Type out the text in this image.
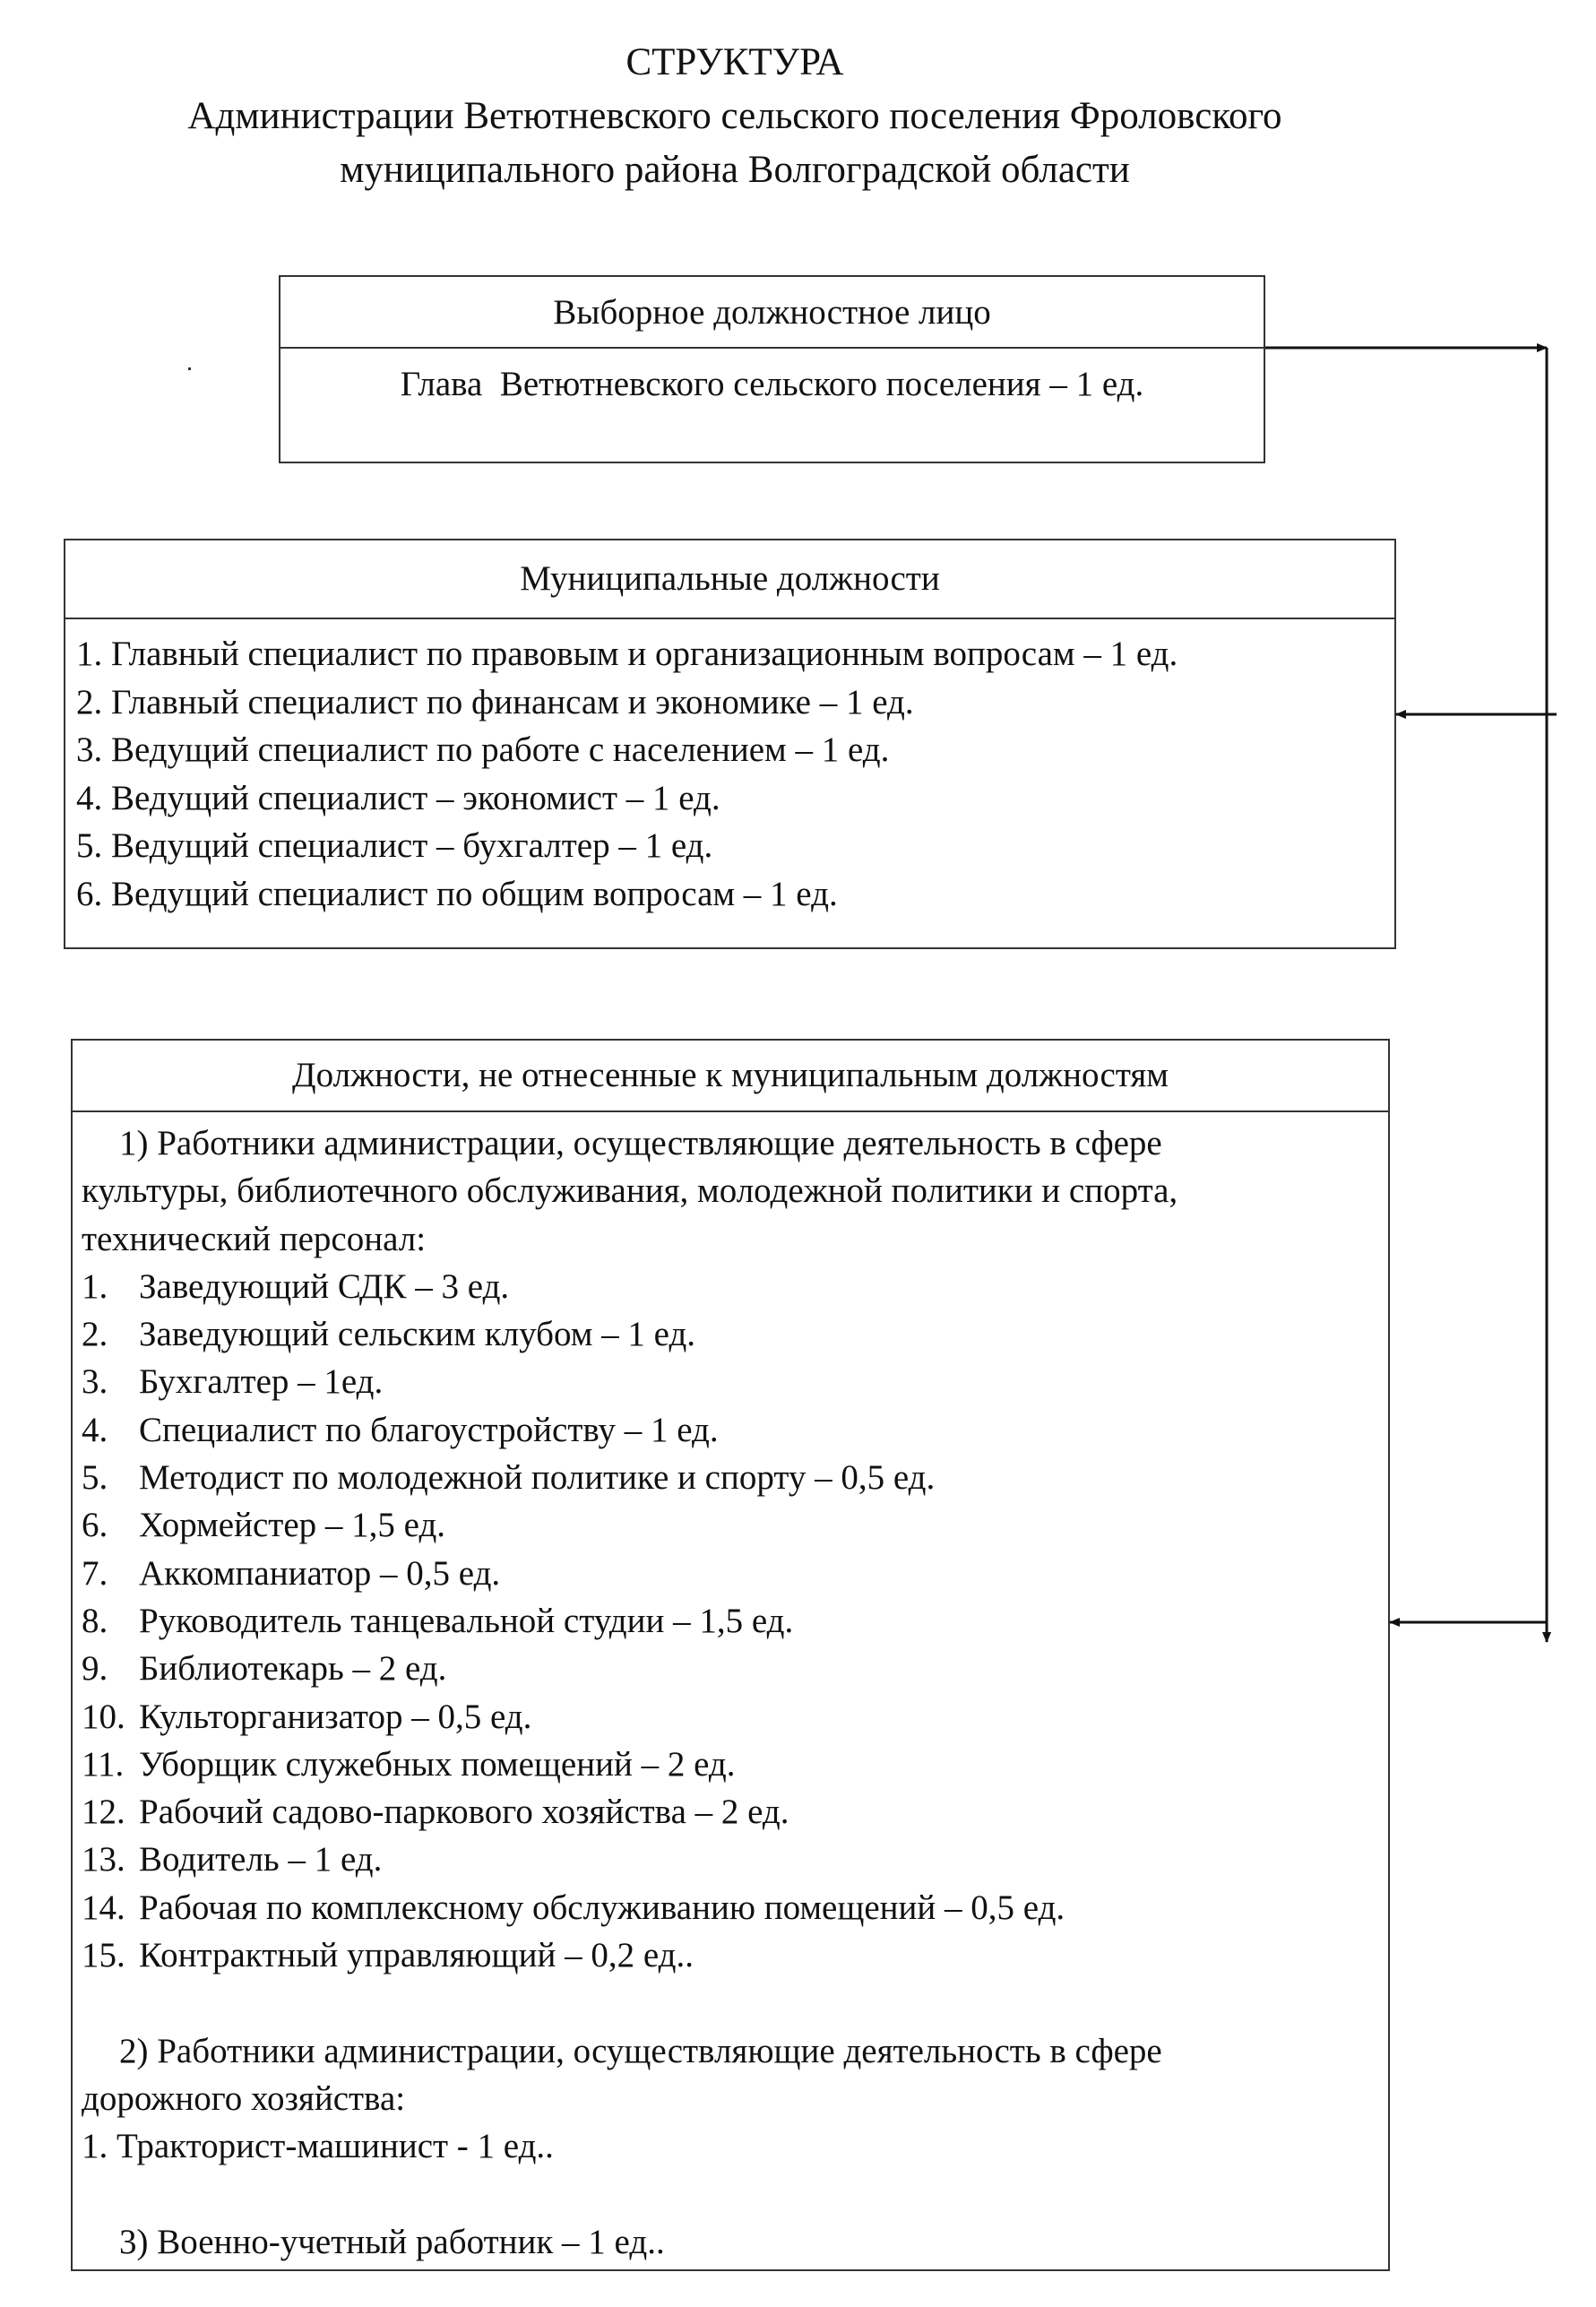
СТРУКТУРА
Администрации Ветютневского сельского поселения Фроловского
муниципального района Волгоградской области
Выборное должностное лицо
Глава  Ветютневского сельского поселения – 1 ед.
Муниципальные должности
1. Главный специалист по правовым и организационным вопросам – 1 ед.
2. Главный специалист по финансам и экономике – 1 ед.
3. Ведущий специалист по работе с населением – 1 ед.
4. Ведущий специалист – экономист – 1 ед.
5. Ведущий специалист – бухгалтер – 1 ед.
6. Ведущий специалист по общим вопросам – 1 ед.
Должности, не отнесенные к муниципальным должностям
1) Работники администрации, осуществляющие деятельность в сфере
культуры, библиотечного обслуживания, молодежной политики и спорта,
технический персонал:
1. Заведующий СДК – 3 ед.
2. Заведующий сельским клубом – 1 ед.
3. Бухгалтер – 1ед.
4. Специалист по благоустройству – 1 ед.
5. Методист по молодежной политике и спорту – 0,5 ед.
6. Хормейстер – 1,5 ед.
7. Аккомпаниатор – 0,5 ед.
8. Руководитель танцевальной студии – 1,5 ед.
9. Библиотекарь – 2 ед.
10. Культорганизатор – 0,5 ед.
11. Уборщик служебных помещений – 2 ед.
12. Рабочий садово-паркового хозяйства – 2 ед.
13. Водитель – 1 ед.
14. Рабочая по комплексному обслуживанию помещений – 0,5 ед.
15. Контрактный управляющий – 0,2 ед..
2) Работники администрации, осуществляющие деятельность в сфере
дорожного хозяйства:
1. Тракторист-машинист - 1 ед..
3) Военно-учетный работник – 1 ед..
